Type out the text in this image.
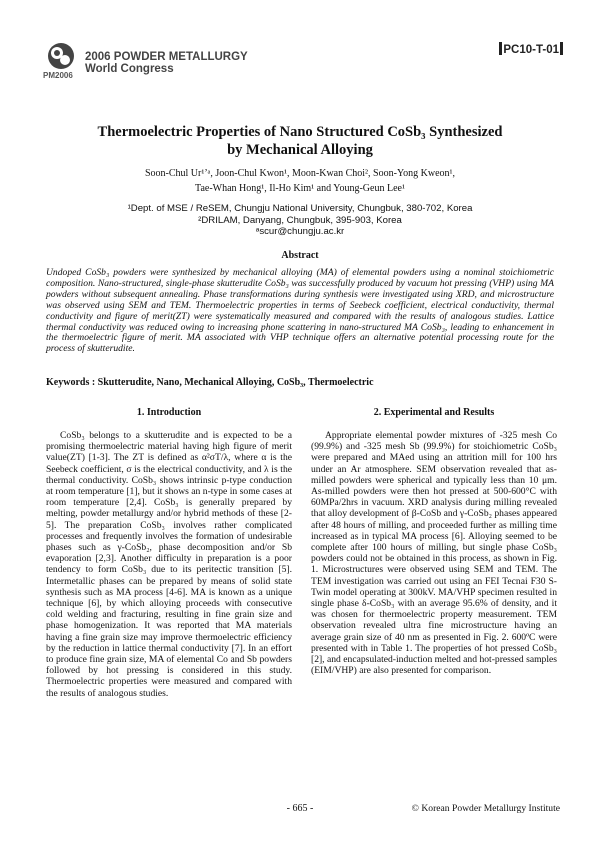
PM2006
2006 POWDER METALLURGY
World Congress
PC10-T-01
Thermoelectric Properties of Nano Structured CoSb₃ Synthesized
by Mechanical Alloying
Soon-Chul Ur¹ʼᵃ, Joon-Chul Kwon¹, Moon-Kwan Choi², Soon-Yong Kweon¹,
Tae-Whan Hong¹, Il-Ho Kim¹ and Young-Geun Lee¹
¹Dept. of MSE / ReSEM, Chungju National University, Chungbuk, 380-702, Korea
²DRILAM, Danyang, Chungbuk, 395-903, Korea
ᵃscur@chungju.ac.kr
Abstract

Undoped CoSb₃ powders were synthesized by mechanical alloying (MA) of elemental powders using a nominal stoichiometric composition. Nano-structured, single-phase skutterudite CoSb₃ was successfully produced by vacuum hot pressing (VHP) using MA powders without subsequent annealing. Phase transformations during synthesis were investigated using XRD, and microstructure was observed using SEM and TEM. Thermoelectric properties in terms of Seebeck coefficient, electrical conductivity, thermal conductivity and figure of merit(ZT) were systematically measured and compared with the results of analogous studies. Lattice thermal conductivity was reduced owing to increasing phone scattering in nano-structured MA CoSb₃, leading to enhancement in the thermoelectric figure of merit. MA associated with VHP technique offers an alternative potential processing route for the process of skutterudite.

Keywords : Skutterudite, Nano, Mechanical Alloying, CoSb₃, Thermoelectric
1. Introduction	2. Experimental and Results

CoSb₃ belongs to a skutterudite and is expected to be a promising thermoelectric material having high figure of merit value(ZT) [1-3]. The ZT is defined as α²σT/λ, where α is the Seebeck coefficient, σ is the electrical conductivity, and λ is the thermal conductivity. CoSb₃ shows intrinsic p-type conduction at room temperature [1], but it shows an n-type in some cases at room temperature [2,4]. CoSb₃ is generally prepared by melting, powder metallurgy and/or hybrid methods of these [2-5]. The preparation CoSb₃ involves rather complicated processes and frequently involves the formation of undesirable phases such as γ-CoSb₂, phase decomposition and/or Sb evaporation [2,3]. Another difficulty in preparation is a poor tendency to form CoSb₃ due to its peritectic transition [5]. Intermetallic phases can be prepared by means of solid state synthesis such as MA process [4-6]. MA is known as a unique technique [6], by which alloying proceeds with consecutive cold welding and fracturing, resulting in fine grain size and phase homogenization. It was reported that MA materials having a fine grain size may improve thermoelectric efficiency by the reduction in lattice thermal conductivity [7]. In an effort to produce fine grain size, MA of elemental Co and Sb powders followed by hot pressing is considered in this study. Thermoelectric properties were measured and compared with the results of analogous studies.

Appropriate elemental powder mixtures of -325 mesh Co (99.9%) and -325 mesh Sb (99.9%) for stoichiometric CoSb₃ were prepared and MAed using an attrition mill for 100 hrs under an Ar atmosphere. SEM observation revealed that as-milled powders were spherical and typically less than 10 μm. As-milled powders were then hot pressed at 500-600°C with 60MPa/2hrs in vacuum. XRD analysis during milling revealed that alloy development of β-CoSb and γ-CoSb₂ phases appeared after 48 hours of milling, and proceeded further as milling time increased as in typical MA process [6]. Alloying seemed to be complete after 100 hours of milling, but single phase CoSb₃ powders could not be obtained in this process, as shown in Fig. 1. Microstructures were observed using SEM and TEM. The TEM investigation was carried out using an FEI Tecnai F30 S-Twin model operating at 300kV. MA/VHP specimen resulted in single phase δ-CoSb₃ with an average 95.6% of density, and it was chosen for thermoelectric property measurement. TEM observation revealed ultra fine microstructure having an average grain size of 40 nm as presented in Fig. 2. 600ºC were presented with in Table 1. The properties of hot pressed CoSb₃ [2], and encapsulated-induction melted and hot-pressed samples (EIM/VHP) are also presented for comparison.

- 665 -	© Korean Powder Metallurgy Institute
